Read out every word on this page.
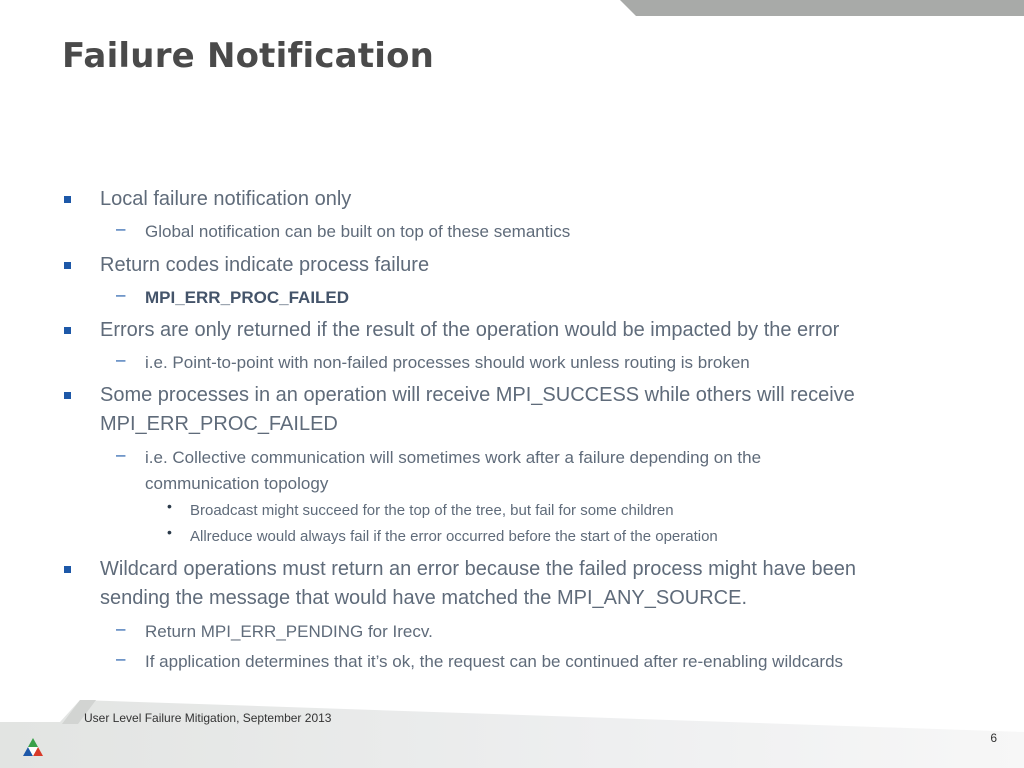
Failure Notification
Local failure notification only
– Global notification can be built on top of these semantics
Return codes indicate process failure
– MPI_ERR_PROC_FAILED
Errors are only returned if the result of the operation would be impacted by the error
– i.e. Point-to-point with non-failed processes should work unless routing is broken
Some processes in an operation will receive MPI_SUCCESS while others will receive
MPI_ERR_PROC_FAILED
– i.e. Collective communication will sometimes work after a failure depending on the
communication topology
• Broadcast might succeed for the top of the tree, but fail for some children
• Allreduce would always fail if the error occurred before the start of the operation
Wildcard operations must return an error because the failed process might have been
sending the message that would have matched the MPI_ANY_SOURCE.
– Return MPI_ERR_PENDING for Irecv.
– If application determines that it’s ok, the request can be continued after re-enabling wildcards
User Level Failure Mitigation, September 2013
6
